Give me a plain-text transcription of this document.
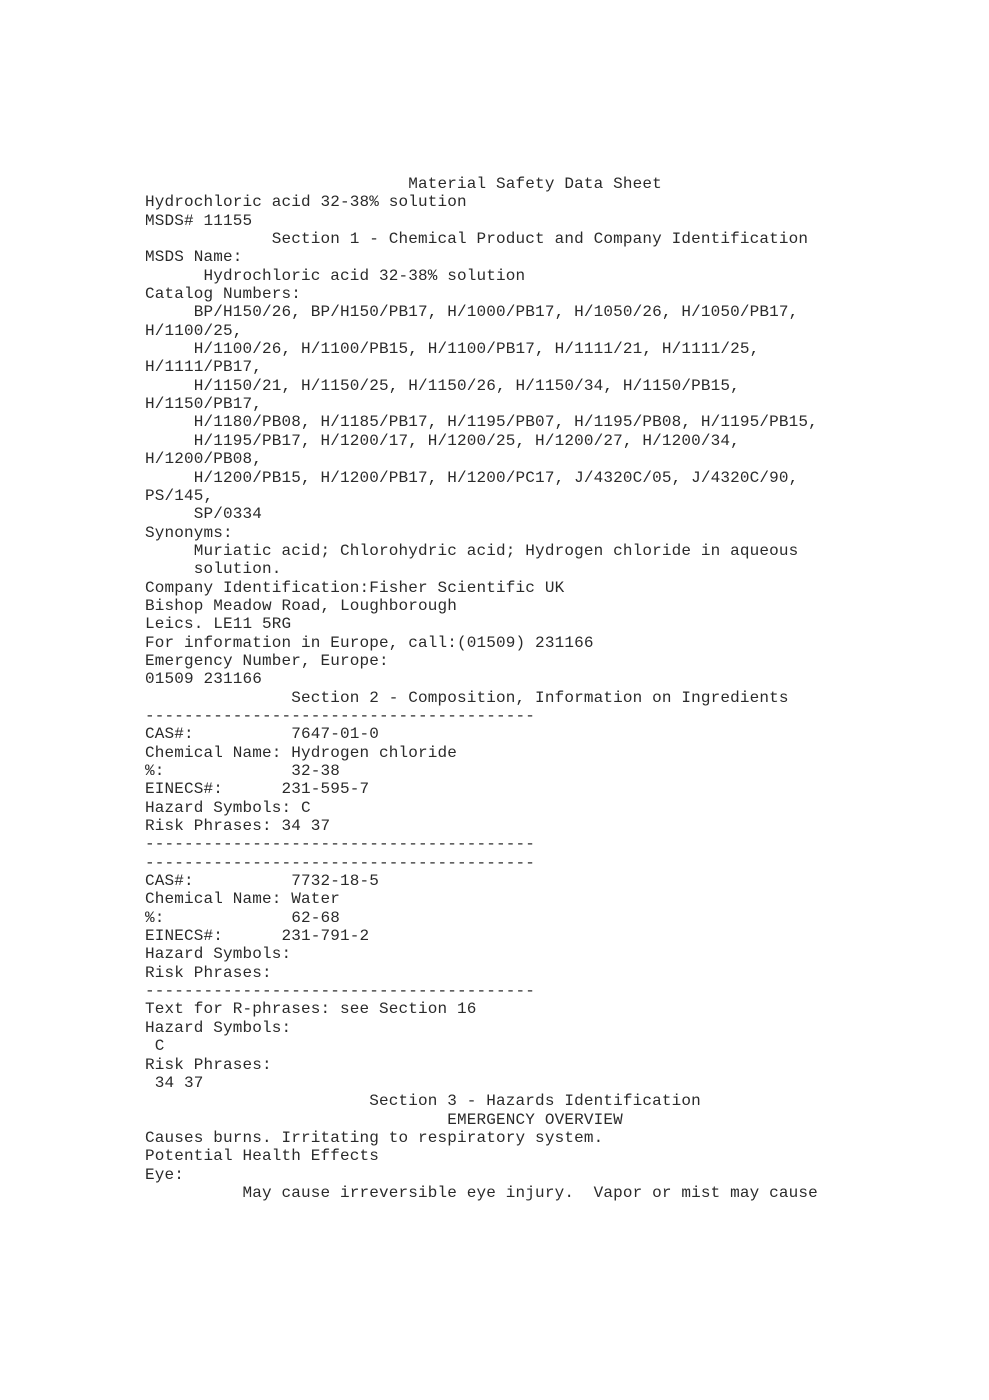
Material Safety Data Sheet
Hydrochloric acid 32-38% solution
MSDS# 11155
Section 1 - Chemical Product and Company Identification
MSDS Name:
Hydrochloric acid 32-38% solution
Catalog Numbers:
BP/H150/26, BP/H150/PB17, H/1000/PB17, H/1050/26, H/1050/PB17,
H/1100/25,
H/1100/26, H/1100/PB15, H/1100/PB17, H/1111/21, H/1111/25,
H/1111/PB17,
H/1150/21, H/1150/25, H/1150/26, H/1150/34, H/1150/PB15,
H/1150/PB17,
H/1180/PB08, H/1185/PB17, H/1195/PB07, H/1195/PB08, H/1195/PB15,
H/1195/PB17, H/1200/17, H/1200/25, H/1200/27, H/1200/34,
H/1200/PB08,
H/1200/PB15, H/1200/PB17, H/1200/PC17, J/4320C/05, J/4320C/90,
PS/145,
SP/0334
Synonyms:
Muriatic acid; Chlorohydric acid; Hydrogen chloride in aqueous
solution.
Company Identification:Fisher Scientific UK
Bishop Meadow Road, Loughborough
Leics. LE11 5RG
For information in Europe, call:(01509) 231166
Emergency Number, Europe:
01509 231166
Section 2 - Composition, Information on Ingredients
----------------------------------------
CAS#:          7647-01-0
Chemical Name: Hydrogen chloride
%:             32-38
EINECS#:      231-595-7
Hazard Symbols: C
Risk Phrases: 34 37
----------------------------------------
----------------------------------------
CAS#:          7732-18-5
Chemical Name: Water
%:             62-68
EINECS#:      231-791-2
Hazard Symbols:
Risk Phrases:
----------------------------------------
Text for R-phrases: see Section 16
Hazard Symbols:
C
Risk Phrases:
34 37
Section 3 - Hazards Identification
EMERGENCY OVERVIEW
Causes burns. Irritating to respiratory system.
Potential Health Effects
Eye:
May cause irreversible eye injury.  Vapor or mist may cause
